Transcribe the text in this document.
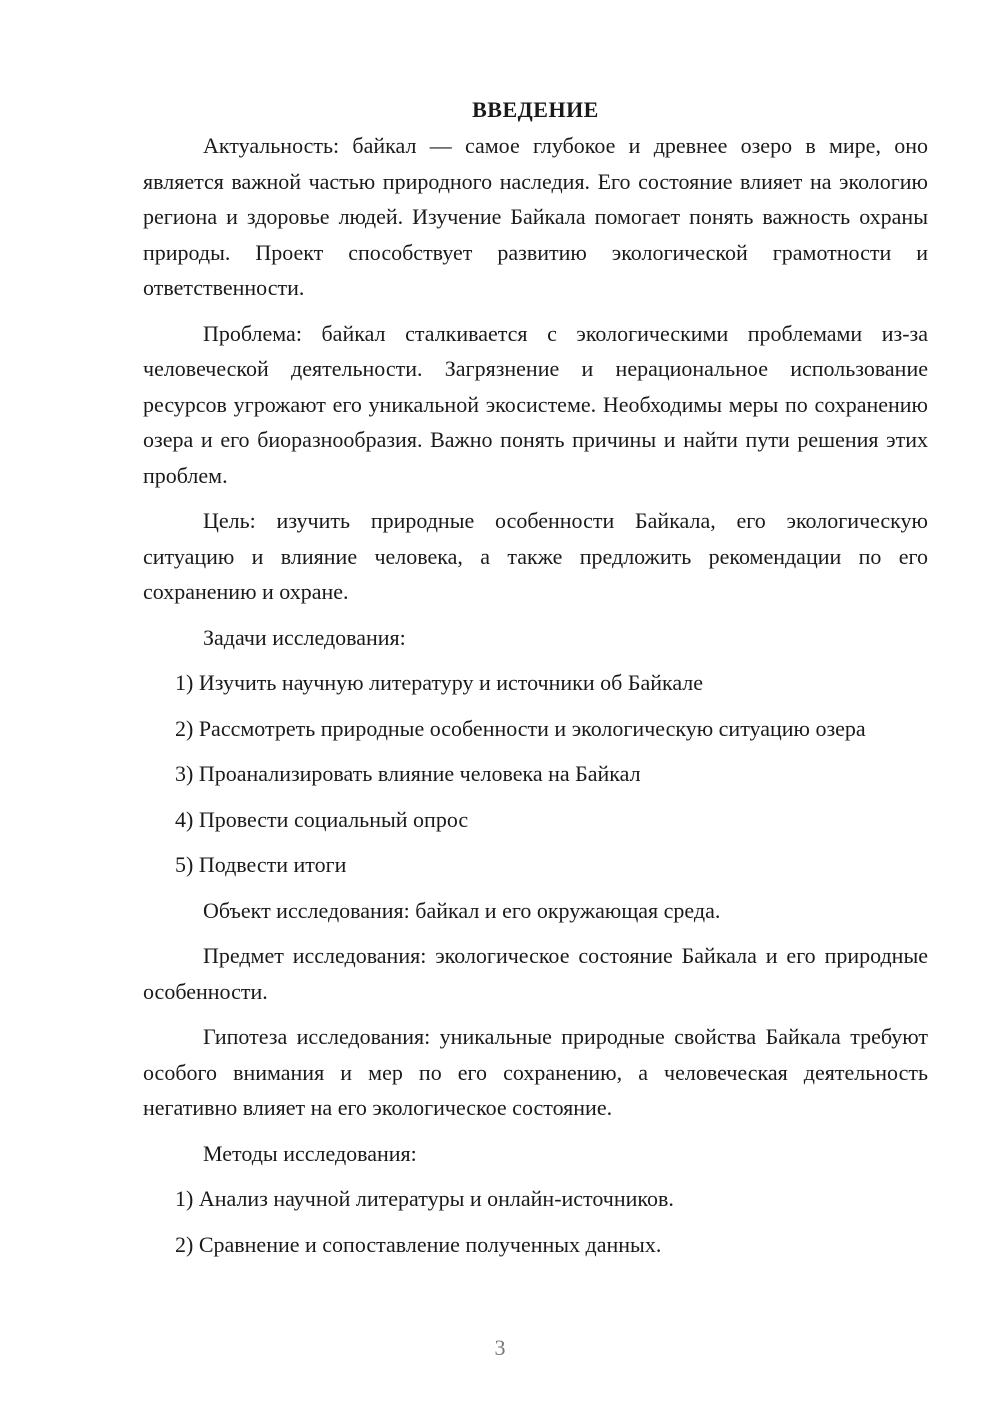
ВВЕДЕНИЕ

Актуальность: байкал — самое глубокое и древнее озеро в мире, оно является важной частью природного наследия. Его состояние влияет на экологию региона и здоровье людей. Изучение Байкала помогает понять важность охраны природы. Проект способствует развитию экологической грамотности и ответственности.

Проблема: байкал сталкивается с экологическими проблемами из-за человеческой деятельности. Загрязнение и нерациональное использование ресурсов угрожают его уникальной экосистеме. Необходимы меры по сохранению озера и его биоразнообразия. Важно понять причины и найти пути решения этих проблем.

Цель: изучить природные особенности Байкала, его экологическую ситуацию и влияние человека, а также предложить рекомендации по его сохранению и охране.

Задачи исследования:

1) Изучить научную литературу и источники об Байкале

2) Рассмотреть природные особенности и экологическую ситуацию озера

3) Проанализировать влияние человека на Байкал

4) Провести социальный опрос

5) Подвести итоги

Объект исследования: байкал и его окружающая среда.

Предмет исследования: экологическое состояние Байкала и его природные особенности.

Гипотеза исследования: уникальные природные свойства Байкала требуют особого внимания и мер по его сохранению, а человеческая деятельность негативно влияет на его экологическое состояние.

Методы исследования:

1) Анализ научной литературы и онлайн-источников.

2) Сравнение и сопоставление полученных данных.

3
